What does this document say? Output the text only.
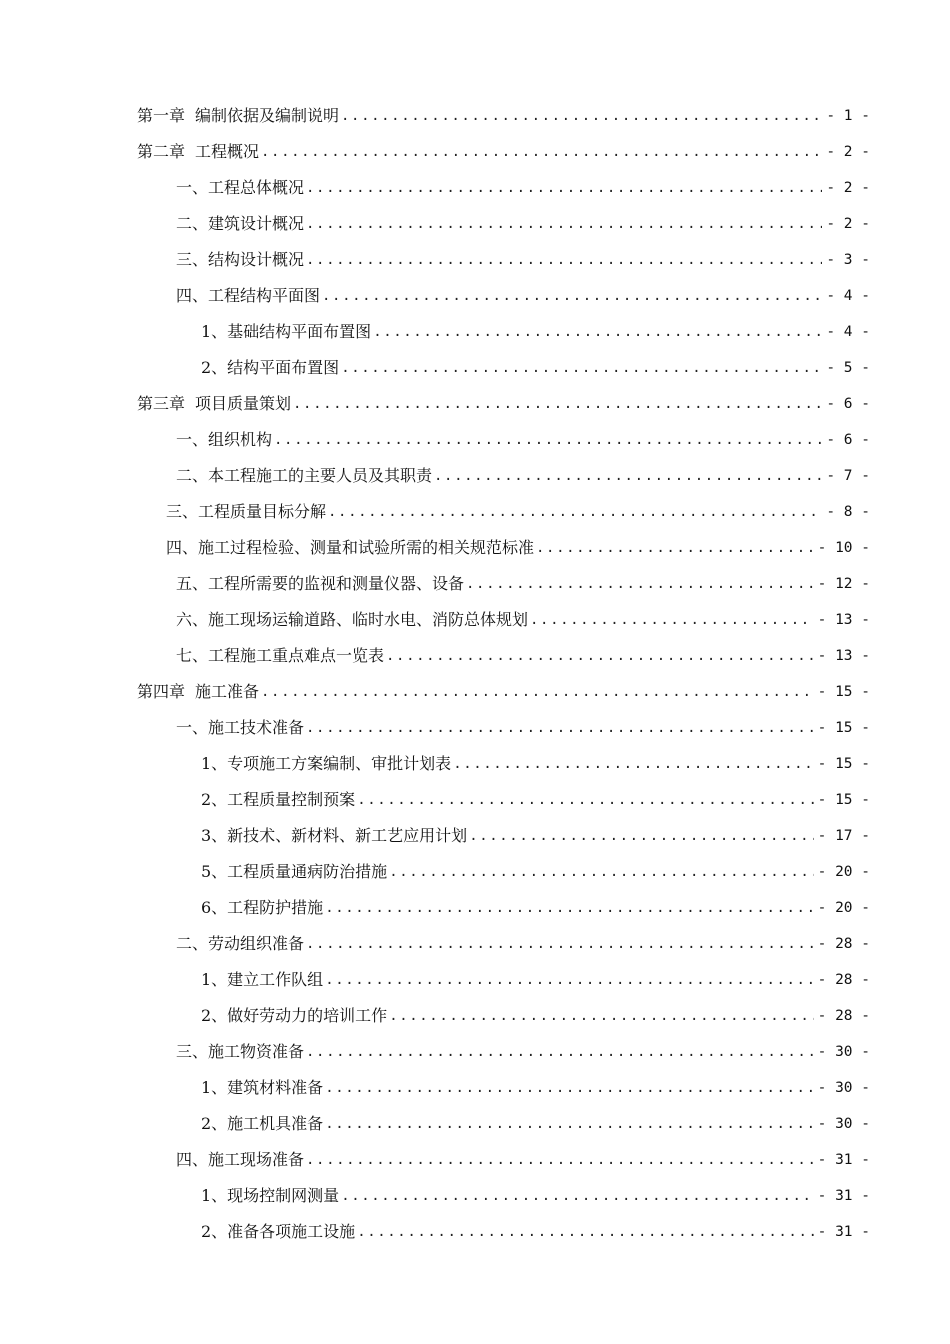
第一章 编制依据及编制说明 .....	- 1 -
第二章 工程概况 .....	- 2 -
一、工程总体概况 .....	- 2 -
二、建筑设计概况 .....	- 2 -
三、结构设计概况 .....	- 3 -
四、工程结构平面图 .....	- 4 -
1、基础结构平面布置图 .....	- 4 -
2、结构平面布置图 .....	- 5 -
第三章 项目质量策划 .....	- 6 -
一、组织机构 .....	- 6 -
二、本工程施工的主要人员及其职责 .....	- 7 -
三、工程质量目标分解 .....	- 8 -
四、施工过程检验、测量和试验所需的相关规范标准 .....	- 10 -
五、工程所需要的监视和测量仪器、设备 .....	- 12 -
六、施工现场运输道路、临时水电、消防总体规划 .....	- 13 -
七、工程施工重点难点一览表 .....	- 13 -
第四章 施工准备 .....	- 15 -
一、施工技术准备 .....	- 15 -
1、专项施工方案编制、审批计划表 .....	- 15 -
2、工程质量控制预案 .....	- 15 -
3、新技术、新材料、新工艺应用计划 .....	- 17 -
5、工程质量通病防治措施 .....	- 20 -
6、工程防护措施 .....	- 20 -
二、劳动组织准备 .....	- 28 -
1、建立工作队组 .....	- 28 -
2、做好劳动力的培训工作 .....	- 28 -
三、施工物资准备 .....	- 30 -
1、建筑材料准备 .....	- 30 -
2、施工机具准备 .....	- 30 -
四、施工现场准备 .....	- 31 -
1、现场控制网测量 .....	- 31 -
2、准备各项施工设施 .....	- 31 -
